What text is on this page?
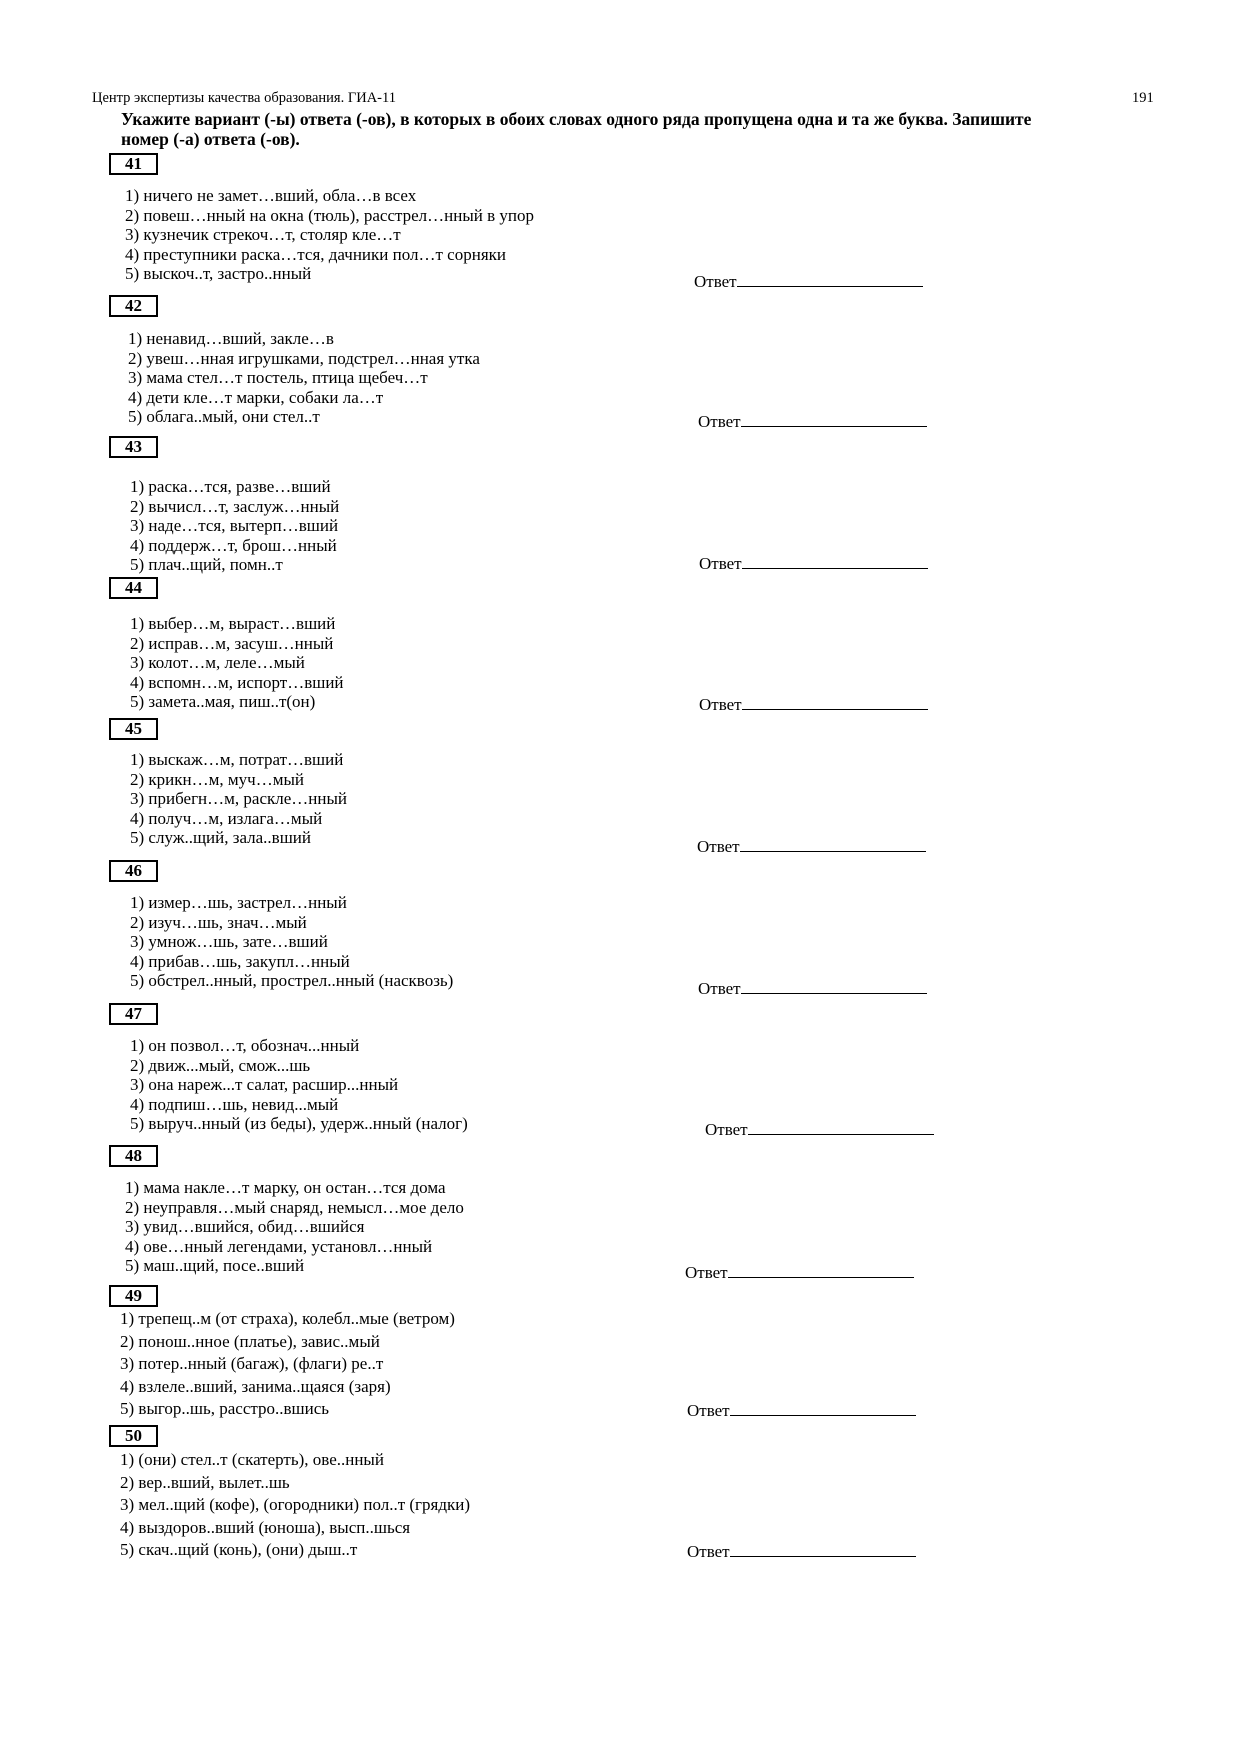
Центр экспертизы качества образования. ГИА-11	191
Укажите вариант (-ы) ответа (-ов), в которых в обоих словах одного ряда пропущена одна и та же буква. Запишите номер (-а) ответа (-ов).
41
1) ничего не замет…вший, обла…в всех
2) повеш…нный на окна (тюль), расстрел…нный в упор
3) кузнечик стрекоч…т, столяр кле…т
4) преступники раска…тся, дачники пол…т сорняки
5) выскоч..т, застро..нный	Ответ
42
1) ненавид…вший, закле…в
2) увеш…нная игрушками, подстрел…нная утка
3) мама стел…т постель, птица щебеч…т
4) дети кле…т марки, собаки ла…т
5) облага..мый, они стел..т	Ответ
43
1) раска…тся, разве…вший
2) вычисл…т, заслуж…нный
3) наде…тся, вытерп…вший
4) поддерж…т, брош…нный
5) плач..щий, помн..т	Ответ
44
1) выбер…м, выраст…вший
2) исправ…м, засуш…нный
3) колот…м, леле…мый
4) вспомн…м, испорт…вший
5) замета..мая, пиш..т(он)	Ответ
45
1) выскаж…м, потрат…вший
2) крикн…м, муч…мый
3) прибегн…м, раскле…нный
4) получ…м, излага…мый
5) служ..щий, зала..вший	Ответ
46
1) измер…шь, застрел…нный
2) изуч…шь, знач…мый
3) умнож…шь, зате…вший
4) прибав…шь, закупл…нный
5) обстрел..нный, прострел..нный (насквозь)	Ответ
47
1) он позвол…т, обознач...нный
2) движ...мый, смож...шь
3) она нареж...т салат, расшир...нный
4) подпиш…шь, невид...мый
5) выруч..нный (из беды), удерж..нный (налог)	Ответ
48
1) мама накле…т марку, он остан…тся дома
2) неуправля…мый снаряд, немысл…мое дело
3) увид…вшийся, обид…вшийся
4) ове…нный легендами, установл…нный
5) маш..щий, посе..вший	Ответ
49
1) трепещ..м (от страха), колебл..мые (ветром)
2) понош..нное (платье), завис..мый
3) потер..нный (багаж), (флаги) ре..т
4) взлеле..вший, занима..щаяся (заря)
5) выгор..шь, расстро..вшись	Ответ
50
1) (они) стел..т (скатерть), ове..нный
2) вер..вший, вылет..шь
3) мел..щий (кофе), (огородники) пол..т (грядки)
4) выздоров..вший (юноша), высп..шься
5) скач..щий (конь), (они) дыш..т	Ответ
